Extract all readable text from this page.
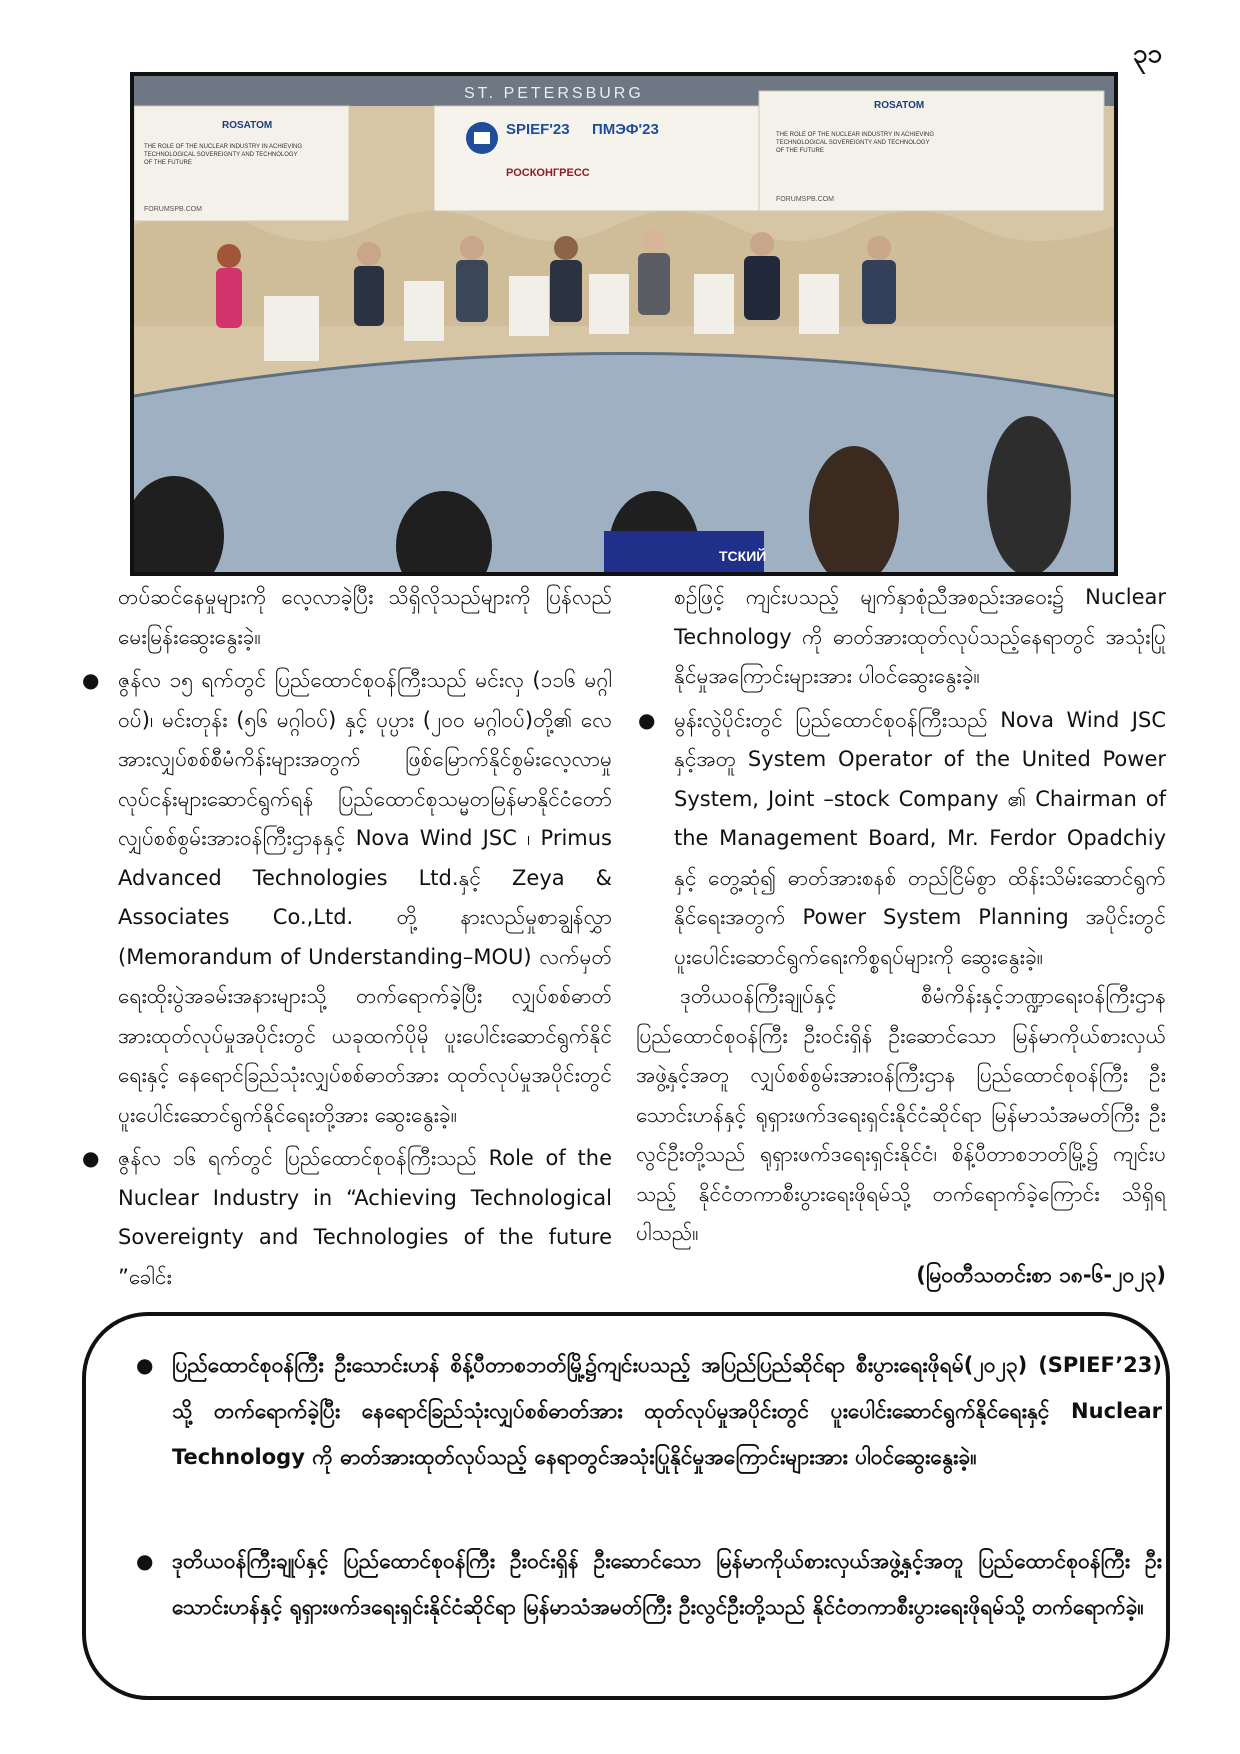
၃၁
ST. PETERSBURG
ROSATOM
THE ROLE OF THE NUCLEAR INDUSTRY IN ACHIEVING
TECHNOLOGICAL SOVEREIGNTY AND TECHNOLOGY
OF THE FUTURE
FORUMSPB.COM
SPIEF'23 ПМЭФ'23
РОСКОНГРЕСС
ROSATOM
THE ROLE OF THE NUCLEAR INDUSTRY IN ACHIEVING
TECHNOLOGICAL SOVEREIGNTY AND TECHNOLOGY
OF THE FUTURE
FORUMSPB.COM
ТСКИЙ

တပ်ဆင်နေမှုများကို လေ့လာခဲ့ပြီး သိရှိလိုသည်များကို ပြန်လည်မေးမြန်းဆွေးနွေးခဲ့။

● ဇွန်လ ၁၅ ရက်တွင် ပြည်ထောင်စုဝန်ကြီးသည် မင်းလှ (၁၁၆ မဂ္ဂါဝပ်)၊ မင်းတုန်း (၅၆ မဂ္ဂါဝပ်) နှင့် ပုပ္ပား (၂၀၀ မဂ္ဂါဝပ်)တို့၏ လေအားလျှပ်စစ်စီမံကိန်းများအတွက် ဖြစ်မြောက်နိုင်စွမ်းလေ့လာမှု လုပ်ငန်းများဆောင်ရွက်ရန် ပြည်ထောင်စုသမ္မတမြန်မာနိုင်ငံတော် လျှပ်စစ်စွမ်းအားဝန်ကြီးဌာနနှင့် Nova Wind JSC ၊ Primus Advanced Technologies Ltd.နှင့် Zeya & Associates Co.,Ltd. တို့ နားလည်မှုစာချွန်လွှာ (Memorandum of Understanding–MOU) လက်မှတ်ရေးထိုးပွဲအခမ်းအနားများသို့ တက်ရောက်ခဲ့ပြီး လျှပ်စစ်ဓာတ်အားထုတ်လုပ်မှုအပိုင်းတွင် ယခုထက်ပိုမို ပူးပေါင်းဆောင်ရွက်နိုင်ရေးနှင့် နေရောင်ခြည်သုံးလျှပ်စစ်ဓာတ်အား ထုတ်လုပ်မှုအပိုင်းတွင် ပူးပေါင်းဆောင်ရွက်နိုင်ရေးတို့အား ဆွေးနွေးခဲ့။

● ဇွန်လ ၁၆ ရက်တွင် ပြည်ထောင်စုဝန်ကြီးသည် Role of the Nuclear Industry in “Achieving Technological Sovereignty and Technologies of the future ”ခေါင်း

စဉ်ဖြင့် ကျင်းပသည့် မျက်နှာစုံညီအစည်းအဝေး၌ Nuclear Technology ကို ဓာတ်အားထုတ်လုပ်သည့်နေရာတွင် အသုံးပြုနိုင်မှုအကြောင်းများအား ပါဝင်ဆွေးနွေးခဲ့။

● မွန်းလွဲပိုင်းတွင် ပြည်ထောင်စုဝန်ကြီးသည် Nova Wind JSC နှင့်အတူ System Operator of the United Power System, Joint –stock Company ၏ Chairman of the Management Board, Mr. Ferdor Opadchiy နှင့် တွေ့ဆုံ၍ ဓာတ်အားစနစ် တည်ငြိမ်စွာ ထိန်းသိမ်းဆောင်ရွက်နိုင်ရေးအတွက် Power System Planning အပိုင်းတွင် ပူးပေါင်းဆောင်ရွက်ရေးကိစ္စရပ်များကို ဆွေးနွေးခဲ့။

ဒုတိယဝန်ကြီးချုပ်နှင့် စီမံကိန်းနှင့်ဘဏ္ဍာရေးဝန်ကြီးဌာန ပြည်ထောင်စုဝန်ကြီး ဦးဝင်းရှိန် ဦးဆောင်သော မြန်မာကိုယ်စားလှယ်အဖွဲ့နှင့်အတူ လျှပ်စစ်စွမ်းအားဝန်ကြီးဌာန ပြည်ထောင်စုဝန်ကြီး ဦးသောင်းဟန်နှင့် ရုရှားဖက်ဒရေးရှင်းနိုင်ငံဆိုင်ရာ မြန်မာသံအမတ်ကြီး ဦးလွင်ဦးတို့သည် ရုရှားဖက်ဒရေးရှင်းနိုင်ငံ၊ စိန့်ပီတာစဘတ်မြို့၌ ကျင်းပသည့် နိုင်ငံတကာစီးပွားရေးဖိုရမ်သို့ တက်ရောက်ခဲ့ကြောင်း သိရှိရပါသည်။

(မြဝတီသတင်းစာ ၁၈-၆-၂၀၂၃)

● ပြည်ထောင်စုဝန်ကြီး ဦးသောင်းဟန် စိန့်ပီတာစဘတ်မြို့၌ကျင်းပသည့် အပြည်ပြည်ဆိုင်ရာ စီးပွားရေးဖိုရမ်(၂၀၂၃) (SPIEF’23) သို့ တက်ရောက်ခဲ့ပြီး နေရောင်ခြည်သုံးလျှပ်စစ်ဓာတ်အား ထုတ်လုပ်မှုအပိုင်းတွင် ပူးပေါင်းဆောင်ရွက်နိုင်ရေးနှင့် Nuclear Technology ကို ဓာတ်အားထုတ်လုပ်သည့် နေရာတွင်အသုံးပြုနိုင်မှုအကြောင်းများအား ပါဝင်ဆွေးနွေးခဲ့။

● ဒုတိယဝန်ကြီးချုပ်နှင့် ပြည်ထောင်စုဝန်ကြီး ဦးဝင်းရှိန် ဦးဆောင်သော မြန်မာကိုယ်စားလှယ်အဖွဲ့နှင့်အတူ ပြည်ထောင်စုဝန်ကြီး ဦးသောင်းဟန်နှင့် ရုရှားဖက်ဒရေးရှင်းနိုင်ငံဆိုင်ရာ မြန်မာသံအမတ်ကြီး ဦးလွင်ဦးတို့သည် နိုင်ငံတကာစီးပွားရေးဖိုရမ်သို့ တက်ရောက်ခဲ့။
